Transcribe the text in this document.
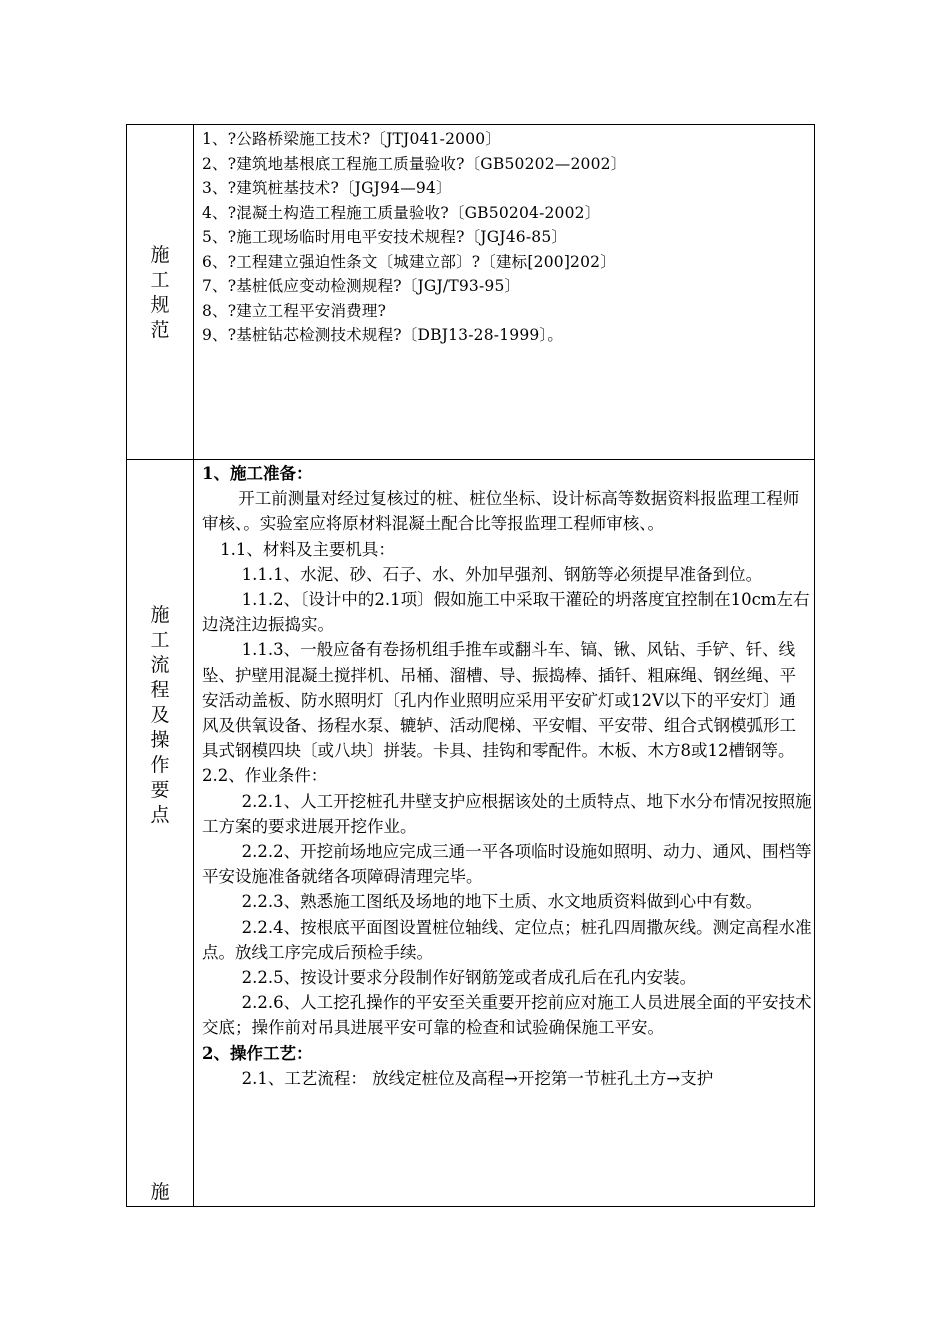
施
工
规
范
1、?公路桥梁施工技术?〔JTJ041-2000〕
2、?建筑地基根底工程施工质量验收?〔GB50202—2002〕
3、?建筑桩基技术?〔JGJ94—94〕
4、?混凝土构造工程施工质量验收?〔GB50204-2002〕
5、?施工现场临时用电平安技术规程?〔JGJ46-85〕
6、?工程建立强迫性条文〔城建立部〕?〔建标[200]202〕
7、?基桩低应变动检测规程?〔JGJ/T93-95〕
8、?建立工程平安消费理?
9、?基桩钻芯检测技术规程?〔DBJ13-28-1999〕。
施
工
流
程
及
操
作
要
点
施

1、施工准备：

开工前测量对经过复核过的桩、桩位坐标、设计标高等数据资料报监理工程师审核、。实验室应将原材料混凝土配合比等报监理工程师审核、。

1.1、材料及主要机具：

1.1.1、水泥、砂、石子、水、外加早强剂、钢筋等必须提早准备到位。

1.1.2、〔设计中的2.1项〕假如施工中采取干灌砼的坍落度宜控制在10cm左右边浇注边振捣实。

1.1.3、一般应备有卷扬机组手推车或翻斗车、镐、锹、风钻、手铲、钎、线坠、护壁用混凝土搅拌机、吊桶、溜槽、导、振捣棒、插钎、粗麻绳、钢丝绳、平安活动盖板、防水照明灯〔孔内作业照明应采用平安矿灯或12V以下的平安灯〕通风及供氧设备、扬程水泵、辘轳、活动爬梯、平安帽、平安带、组合式钢模弧形工具式钢模四块〔或八块〕拼装。卡具、挂钩和零配件。木板、木方8或12槽钢等。

2.2、作业条件：

2.2.1、人工开挖桩孔井壁支护应根据该处的土质特点、地下水分布情况按照施工方案的要求进展开挖作业。

2.2.2、开挖前场地应完成三通一平各项临时设施如照明、动力、通风、围档等平安设施准备就绪各项障碍清理完毕。

2.2.3、熟悉施工图纸及场地的地下土质、水文地质资料做到心中有数。

2.2.4、按根底平面图设置桩位轴线、定位点；桩孔四周撒灰线。测定高程水准点。放线工序完成后预检手续。

2.2.5、按设计要求分段制作好钢筋笼或者成孔后在孔内安装。

2.2.6、人工挖孔操作的平安至关重要开挖前应对施工人员进展全面的平安技术交底；操作前对吊具进展平安可靠的检查和试验确保施工平安。

2、操作工艺：

2.1、工艺流程： 放线定桩位及高程→开挖第一节桩孔土方→支护
